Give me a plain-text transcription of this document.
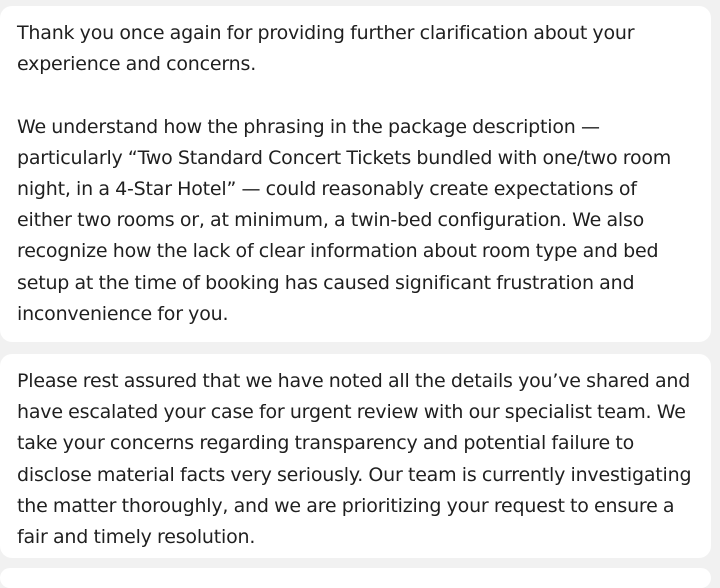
Thank you once again for providing further clarification about your experience and concerns.

We understand how the phrasing in the package description — particularly “Two Standard Concert Tickets bundled with one/two room night, in a 4-Star Hotel” — could reasonably create expectations of either two rooms or, at minimum, a twin-bed configuration. We also recognize how the lack of clear information about room type and bed setup at the time of booking has caused significant frustration and inconvenience for you.

Please rest assured that we have noted all the details you’ve shared and have escalated your case for urgent review with our specialist team. We take your concerns regarding transparency and potential failure to disclose material facts very seriously. Our team is currently investigating the matter thoroughly, and we are prioritizing your request to ensure a fair and timely resolution.
